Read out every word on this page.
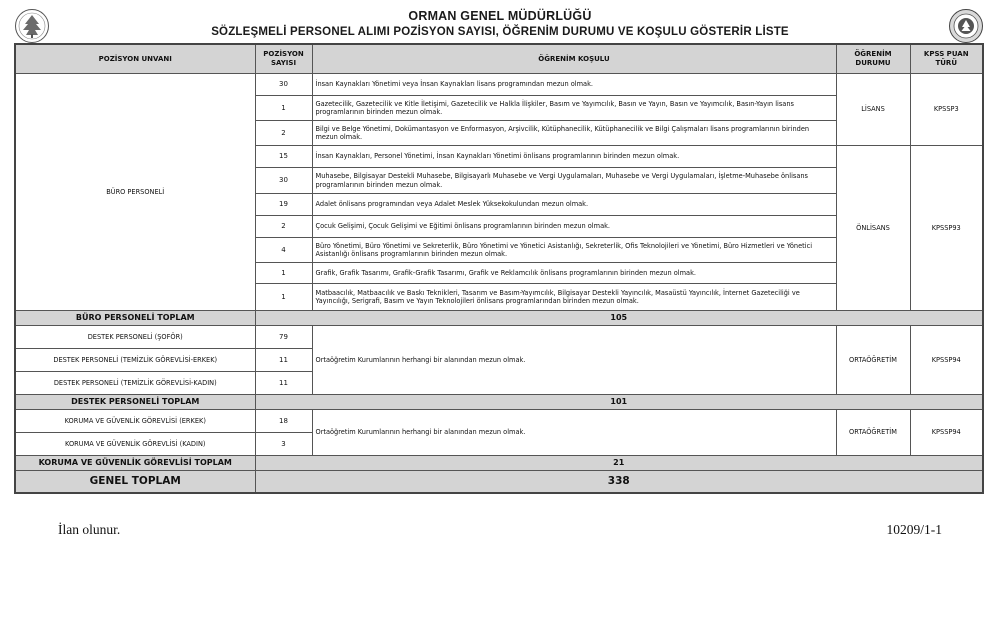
ORMAN GENEL MÜDÜRLÜĞÜ
SÖZLEŞMELİ PERSONEL ALIMI POZİSYON SAYISI, ÖĞRENİM DURUMU VE KOŞULU GÖSTERİR LİSTE
POZİSYON UNVANI	POZİSYON SAYISI	ÖĞRENİM KOŞULU	ÖĞRENİM DURUMU	KPSS PUAN TÜRÜ
BÜRO PERSONELİ	30	İnsan Kaynakları Yönetimi veya İnsan Kaynakları lisans programından mezun olmak.	LİSANS	KPSSP3
	1	Gazetecilik, Gazetecilik ve Kitle İletişimi, Gazetecilik ve Halkla İlişkiler, Basım ve Yayımcılık, Basın ve Yayın, Basın ve Yayımcılık, Basın-Yayın lisans programlarının birinden mezun olmak.		
	2	Bilgi ve Belge Yönetimi, Dokümantasyon ve Enformasyon, Arşivcilik, Kütüphanecilik, Kütüphanecilik ve Bilgi Çalışmaları lisans programlarının birinden mezun olmak.		
	15	İnsan Kaynakları, Personel Yönetimi, İnsan Kaynakları Yönetimi önlisans programlarının birinden mezun olmak.	ÖNLİSANS	KPSSP93
	30	Muhasebe, Bilgisayar Destekli Muhasebe, Bilgisayarlı Muhasebe ve Vergi Uygulamaları, Muhasebe ve Vergi Uygulamaları, İşletme-Muhasebe önlisans programlarının birinden mezun olmak.		
	19	Adalet önlisans programından veya Adalet Meslek Yüksekokulundan mezun olmak.		
	2	Çocuk Gelişimi, Çocuk Gelişimi ve Eğitimi önlisans programlarının birinden mezun olmak.		
	4	Büro Yönetimi, Büro Yönetimi ve Sekreterlik, Büro Yönetimi ve Yönetici Asistanlığı, Sekreterlik, Ofis Teknolojileri ve Yönetimi, Büro Hizmetleri ve Yönetici Asistanlığı önlisans programlarının birinden mezun olmak.		
	1	Grafik, Grafik Tasarımı, Grafik-Grafik Tasarımı, Grafik ve Reklamcılık önlisans programlarının birinden mezun olmak.		
	1	Matbaacılık, Matbaacılık ve Baskı Teknikleri, Tasarım ve Basım-Yayımcılık, Bilgisayar Destekli Yayıncılık, Masaüstü Yayıncılık, İnternet Gazeteciliği ve Yayıncılığı, Serigrafi, Basım ve Yayın Teknolojileri önlisans programlarından birinden mezun olmak.		
BÜRO PERSONELİ TOPLAM	105			
DESTEK PERSONELİ (ŞOFÖR)	79	Ortaöğretim Kurumlarının herhangi bir alanından mezun olmak.	ORTAÖĞRETİM	KPSSP94
DESTEK PERSONELİ (TEMİZLİK GÖREVLİSİ-ERKEK)	11			
DESTEK PERSONELİ (TEMİZLİK GÖREVLİSİ-KADIN)	11			
DESTEK PERSONELİ TOPLAM	101			
KORUMA VE GÜVENLİK GÖREVLİSİ (ERKEK)	18	Ortaöğretim Kurumlarının herhangi bir alanından mezun olmak.	ORTAÖĞRETİM	KPSSP94
KORUMA VE GÜVENLİK GÖREVLİSİ (KADIN)	3			
KORUMA VE GÜVENLİK GÖREVLİSİ TOPLAM	21			
GENEL TOPLAM	338			
İlan olunur.	10209/1-1
